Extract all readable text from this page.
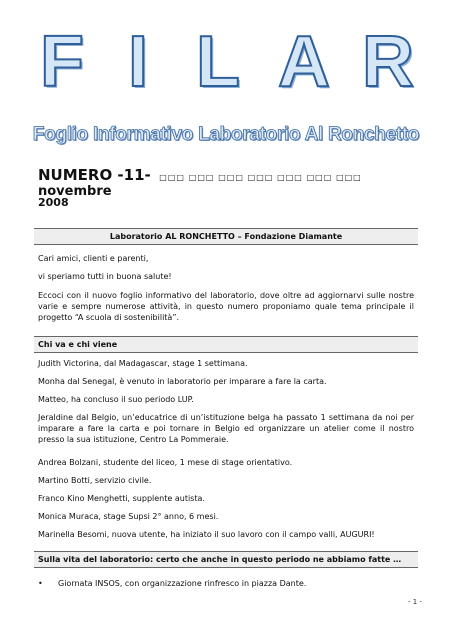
F I L A R
Foglio Informativo Laboratorio Al Ronchetto
NUMERO -11- □□□ □□□ □□□ □□□ □□□ □□□ □□□ novembre
2008
Laboratorio AL RONCHETTO – Fondazione Diamante
Cari amici, clienti e parenti,
vi speriamo tutti in buona salute!
Eccoci con il nuovo foglio informativo del laboratorio, dove oltre ad aggiornarvi sulle nostre varie e sempre numerose attività, in questo numero proponiamo quale tema principale il progetto “A scuola di sostenibilità”.
Chi va e chi viene
Judith Victorina, dal Madagascar, stage 1 settimana.
Monha dal Senegal, è venuto in laboratorio per imparare a fare la carta.
Matteo, ha concluso il suo periodo LUP.
Jeraldine dal Belgio, un’educatrice di un’istituzione belga ha passato 1 settimana da noi per imparare a fare la carta e poi tornare in Belgio ed organizzare un atelier come il nostro presso la sua istituzione, Centro La Pommeraie.
Andrea Bolzani, studente del liceo, 1 mese di stage orientativo.
Martino Botti, servizio civile.
Franco Kino Menghetti, supplente autista.
Monica Muraca, stage Supsi 2° anno, 6 mesi.
Marinella Besomi, nuova utente, ha iniziato il suo lavoro con il campo valli, AUGURI!
Sulla vita del laboratorio: certo che anche in questo periodo ne abbiamo fatte …
• Giornata INSOS, con organizzazione rinfresco in piazza Dante.
- 1 -
